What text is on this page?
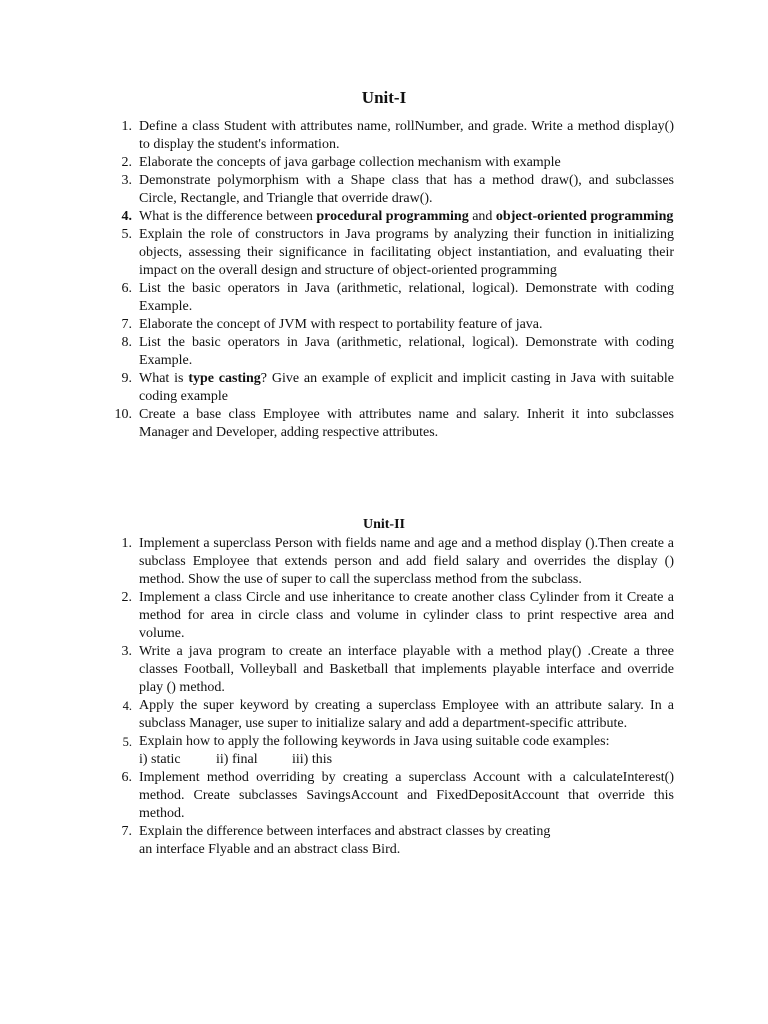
Unit-I
1. Define a class Student with attributes name, rollNumber, and grade. Write a method display() to display the student's information.
2. Elaborate the concepts of java garbage collection mechanism with example
3. Demonstrate polymorphism with a Shape class that has a method draw(), and subclasses Circle, Rectangle, and Triangle that override draw().
4. What is the difference between procedural programming and object-oriented programming
5. Explain the role of constructors in Java programs by analyzing their function in initializing objects, assessing their significance in facilitating object instantiation, and evaluating their impact on the overall design and structure of object-oriented programming
6. List the basic operators in Java (arithmetic, relational, logical). Demonstrate with coding Example.
7. Elaborate the concept of JVM with respect to portability feature of java.
8. List the basic operators in Java (arithmetic, relational, logical). Demonstrate with coding Example.
9. What is type casting? Give an example of explicit and implicit casting in Java with suitable coding example
10. Create a base class Employee with attributes name and salary. Inherit it into subclasses Manager and Developer, adding respective attributes.
Unit-II
1. Implement a superclass Person with fields name and age and a method display ().Then create a subclass Employee that extends person and add field salary and overrides the display () method. Show the use of super to call the superclass method from the subclass.
2. Implement a class Circle and use inheritance to create another class Cylinder from it Create a method for area in circle class and volume in cylinder class to print respective area and volume.
3. Write a java program to create an interface playable with a method play() .Create a three classes Football, Volleyball and Basketball that implements playable interface and override play () method.
4. Apply the super keyword by creating a superclass Employee with an attribute salary. In a subclass Manager, use super to initialize salary and add a department-specific attribute.
5. Explain how to apply the following keywords in Java using suitable code examples:
i) static	ii) final iii) this
6. Implement method overriding by creating a superclass Account with a calculateInterest() method. Create subclasses SavingsAccount and FixedDepositAccount that override this method.
7. Explain the difference between interfaces and abstract classes by creating
an interface Flyable and an abstract class Bird.
